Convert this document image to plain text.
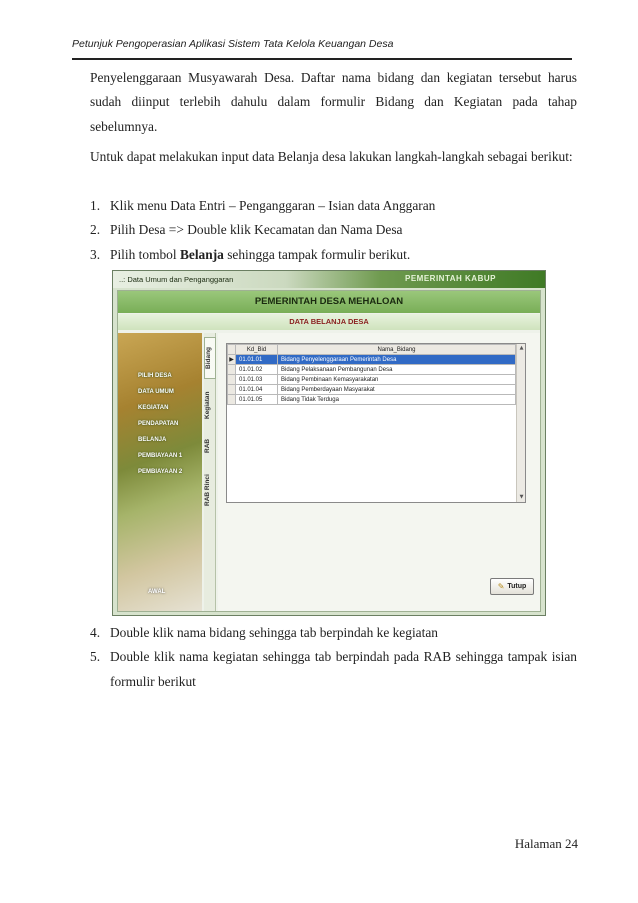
Petunjuk Pengoperasian Aplikasi Sistem Tata Kelola Keuangan Desa
Penyelenggaraan Musyawarah Desa. Daftar nama bidang dan kegiatan tersebut harus sudah diinput terlebih dahulu dalam formulir Bidang dan Kegiatan pada tahap sebelumnya.
Untuk dapat melakukan input data Belanja desa lakukan langkah-langkah sebagai berikut:
1. Klik menu Data Entri – Penganggaran – Isian data Anggaran
2. Pilih Desa => Double klik Kecamatan dan Nama Desa
3. Pilih tombol Belanja sehingga tampak formulir berikut.
..: Data Umum dan Penganggaran	PEMERINTAH KABUP
PEMERINTAH DESA MEHALOAN
DATA BELANJA DESA
PILIH DESA
DATA UMUM
KEGIATAN
PENDAPATAN
BELANJA
PEMBIAYAAN 1
PEMBIAYAAN 2
AWAL
Bidang
Kegiatan
RAB
RAB Rinci
	Kd_Bid	Nama_Bidang
▶	01.01.01	Bidang Penyelenggaraan Pemerintah Desa
	01.01.02	Bidang Pelaksanaan Pembangunan Desa
	01.01.03	Bidang Pembinaan Kemasyarakatan
	01.01.04	Bidang Pemberdayaan Masyarakat
	01.01.05	Bidang Tidak Terduga
▲
▼
✎ Tutup
4. Double klik nama bidang sehingga tab berpindah ke kegiatan
5. Double klik nama kegiatan sehingga tab berpindah pada RAB sehingga tampak isian formulir berikut
Halaman 24
